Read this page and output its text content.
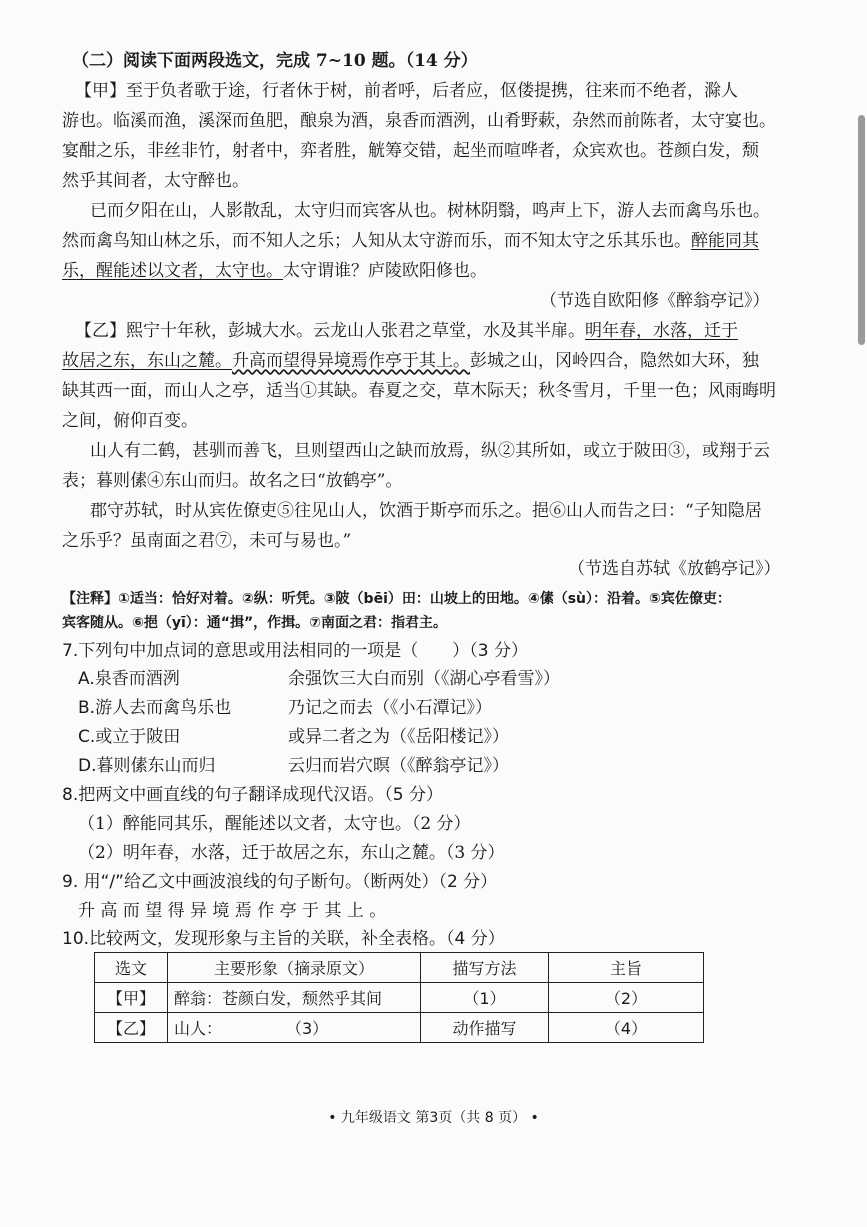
（二）阅读下面两段选文，完成 7~10 题。（14 分）
【甲】至于负者歌于途，行者休于树，前者呼，后者应，伛偻提携，往来而不绝者，滁人
游也。临溪而渔，溪深而鱼肥，酿泉为酒，泉香而酒洌，山肴野蔌，杂然而前陈者，太守宴也。
宴酣之乐，非丝非竹，射者中，弈者胜，觥筹交错，起坐而喧哗者，众宾欢也。苍颜白发，颓
然乎其间者，太守醉也。
已而夕阳在山，人影散乱，太守归而宾客从也。树林阴翳，鸣声上下，游人去而禽鸟乐也。
然而禽鸟知山林之乐，而不知人之乐；人知从太守游而乐，而不知太守之乐其乐也。醉能同其
乐，醒能述以文者，太守也。太守谓谁？庐陵欧阳修也。
（节选自欧阳修《醉翁亭记》）
【乙】熙宁十年秋，彭城大水。云龙山人张君之草堂，水及其半扉。明年春，水落，迁于
故居之东，东山之麓。升高而望得异境焉作亭于其上。彭城之山，冈岭四合，隐然如大环，独
缺其西一面，而山人之亭，适当①其缺。春夏之交，草木际天；秋冬雪月，千里一色；风雨晦明
之间，俯仰百变。
山人有二鹤，甚驯而善飞，旦则望西山之缺而放焉，纵②其所如，或立于陂田③，或翔于云
表；暮则傃④东山而归。故名之曰“放鹤亭”。
郡守苏轼，时从宾佐僚吏⑤往见山人，饮酒于斯亭而乐之。挹⑥山人而告之曰：“子知隐居
之乐乎？虽南面之君⑦，未可与易也。”
（节选自苏轼《放鹤亭记》）
【注释】①适当：恰好对着。②纵：听凭。③陂（bēi）田：山坡上的田地。④傃（sù）：沿着。⑤宾佐僚吏：
宾客随从。⑥挹（yī）：通“揖”，作揖。⑦南面之君：指君主。
7.下列句中加点词的意思或用法相同的一项是（　　）（3 分）
A.泉香而酒洌	余强饮三大白而别（《湖心亭看雪》）
B.游人去而禽鸟乐也	乃记之而去（《小石潭记》）
C.或立于陂田	或异二者之为（《岳阳楼记》）
D.暮则傃东山而归	云归而岩穴暝（《醉翁亭记》）
8.把两文中画直线的句子翻译成现代汉语。（5 分）
（1）醉能同其乐，醒能述以文者，太守也。（2 分）
（2）明年春，水落，迁于故居之东，东山之麓。（3 分）
9. 用“/”给乙文中画波浪线的句子断句。（断两处）（2 分）
升 高 而 望 得 异 境 焉 作 亭 于 其 上 。
10.比较两文，发现形象与主旨的关联，补全表格。（4 分）
选文	主要形象（摘录原文）	描写方法	主旨
【甲】	醉翁：苍颜白发，颓然乎其间	（1）	（2）
【乙】	山人：　　　　　（3）	动作描写	（4）
• 九年级语文 第3页（共 8 页） •
